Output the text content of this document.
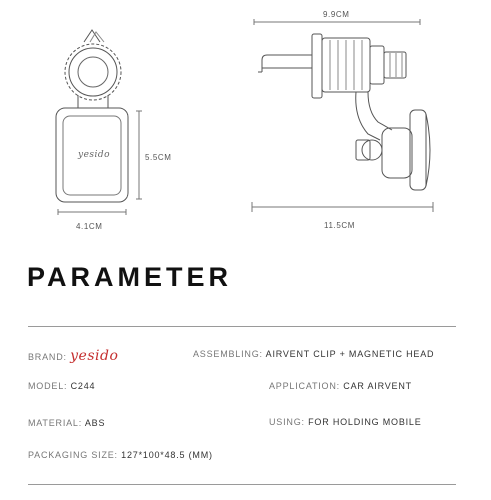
yesido	5.5CM
4.1CM
9.9CM
11.5CM
PARAMETER
BRAND: yesido	ASSEMBLING: AIRVENT CLIP + MAGNETIC HEAD
MODEL: C244	APPLICATION: CAR AIRVENT
MATERIAL: ABS	USING: FOR HOLDING MOBILE
PACKAGING SIZE: 127*100*48.5 (MM)
